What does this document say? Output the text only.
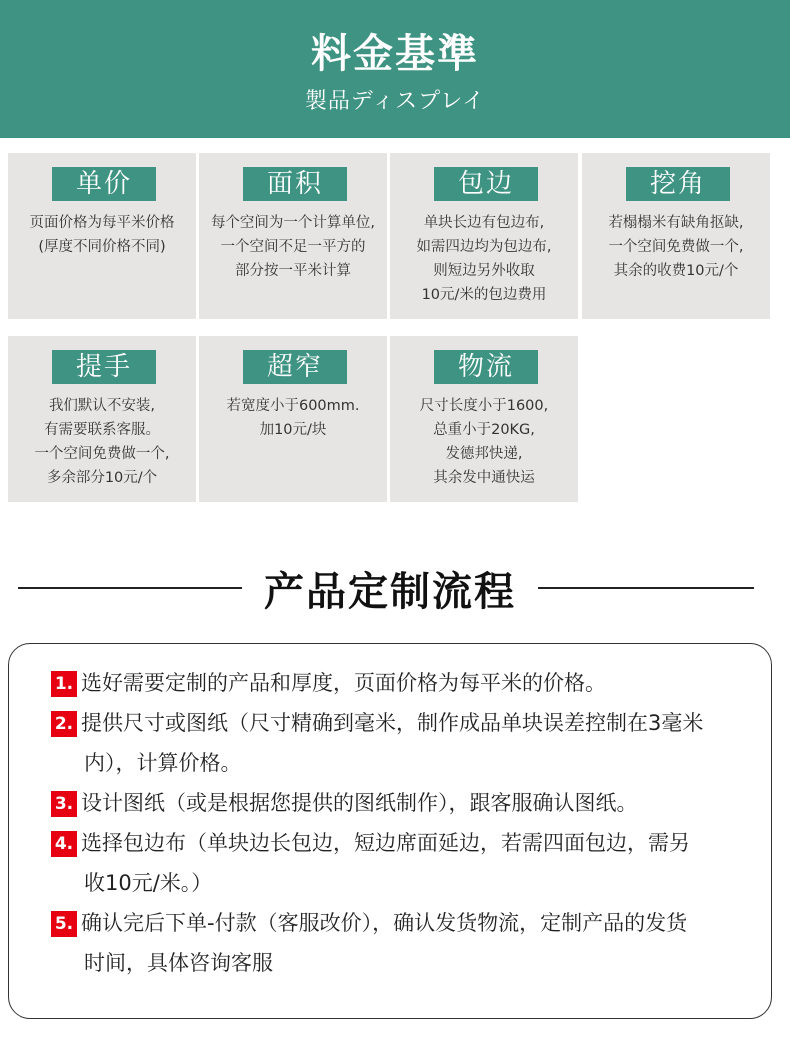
料金基準
製品ディスプレイ
单价
页面价格为每平米价格
(厚度不同价格不同)
面积
每个空间为一个计算单位,
一个空间不足一平方的
部分按一平米计算
包边
单块长边有包边布,
如需四边均为包边布,
则短边另外收取
10元/米的包边费用
挖角
若榻榻米有缺角抠缺,
一个空间免费做一个,
其余的收费10元/个
提手
我们默认不安装,
有需要联系客服。
一个空间免费做一个,
多余部分10元/个
超窄
若宽度小于600mm.
加10元/块
物流
尺寸长度小于1600,
总重小于20KG,
发德邦快递,
其余发中通快运
产品定制流程
1. 选好需要定制的产品和厚度，页面价格为每平米的价格。
2. 提供尺寸或图纸（尺寸精确到毫米，制作成品单块误差控制在3毫米
内），计算价格。
3. 设计图纸（或是根据您提供的图纸制作），跟客服确认图纸。
4. 选择包边布（单块边长包边，短边席面延边，若需四面包边，需另
收10元/米。）
5. 确认完后下单-付款（客服改价），确认发货物流，定制产品的发货
时间，具体咨询客服
